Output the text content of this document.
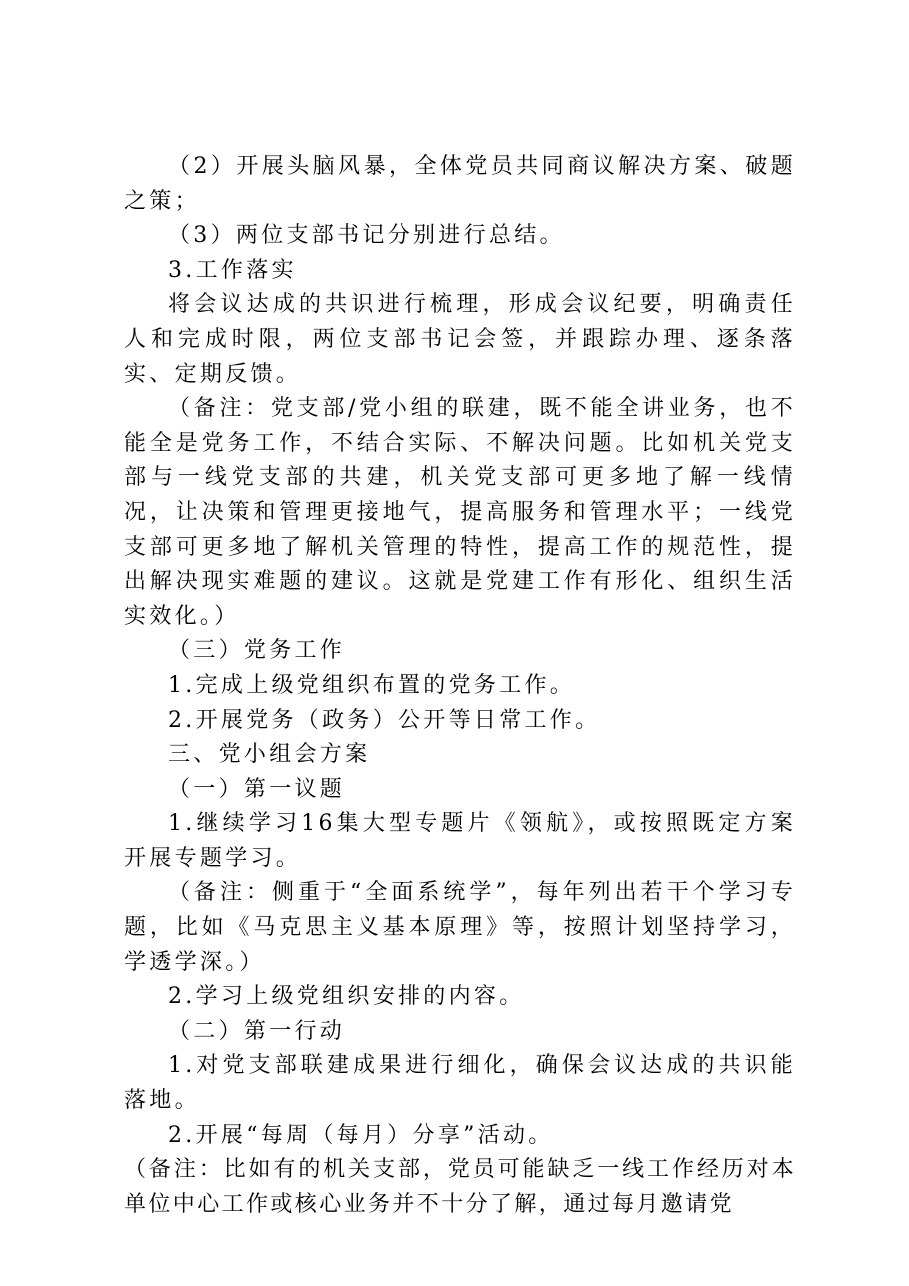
（2）开展头脑风暴，全体党员共同商议解决方案、破题之策；

（3）两位支部书记分别进行总结。

3.工作落实

将会议达成的共识进行梳理，形成会议纪要，明确责任人和完成时限，两位支部书记会签，并跟踪办理、逐条落实、定期反馈。

（备注：党支部/党小组的联建，既不能全讲业务，也不能全是党务工作，不结合实际、不解决问题。比如机关党支部与一线党支部的共建，机关党支部可更多地了解一线情况，让决策和管理更接地气，提高服务和管理水平；一线党支部可更多地了解机关管理的特性，提高工作的规范性，提出解决现实难题的建议。这就是党建工作有形化、组织生活实效化。）

（三）党务工作

1.完成上级党组织布置的党务工作。

2.开展党务（政务）公开等日常工作。

三、党小组会方案

（一）第一议题

1.继续学习16集大型专题片《领航》，或按照既定方案开展专题学习。

（备注：侧重于“全面系统学”，每年列出若干个学习专题，比如《马克思主义基本原理》等，按照计划坚持学习，学透学深。）

2.学习上级党组织安排的内容。

（二）第一行动

1.对党支部联建成果进行细化，确保会议达成的共识能落地。

2.开展“每周（每月）分享”活动。

（备注：比如有的机关支部，党员可能缺乏一线工作经历对本单位中心工作或核心业务并不十分了解，通过每月邀请党
